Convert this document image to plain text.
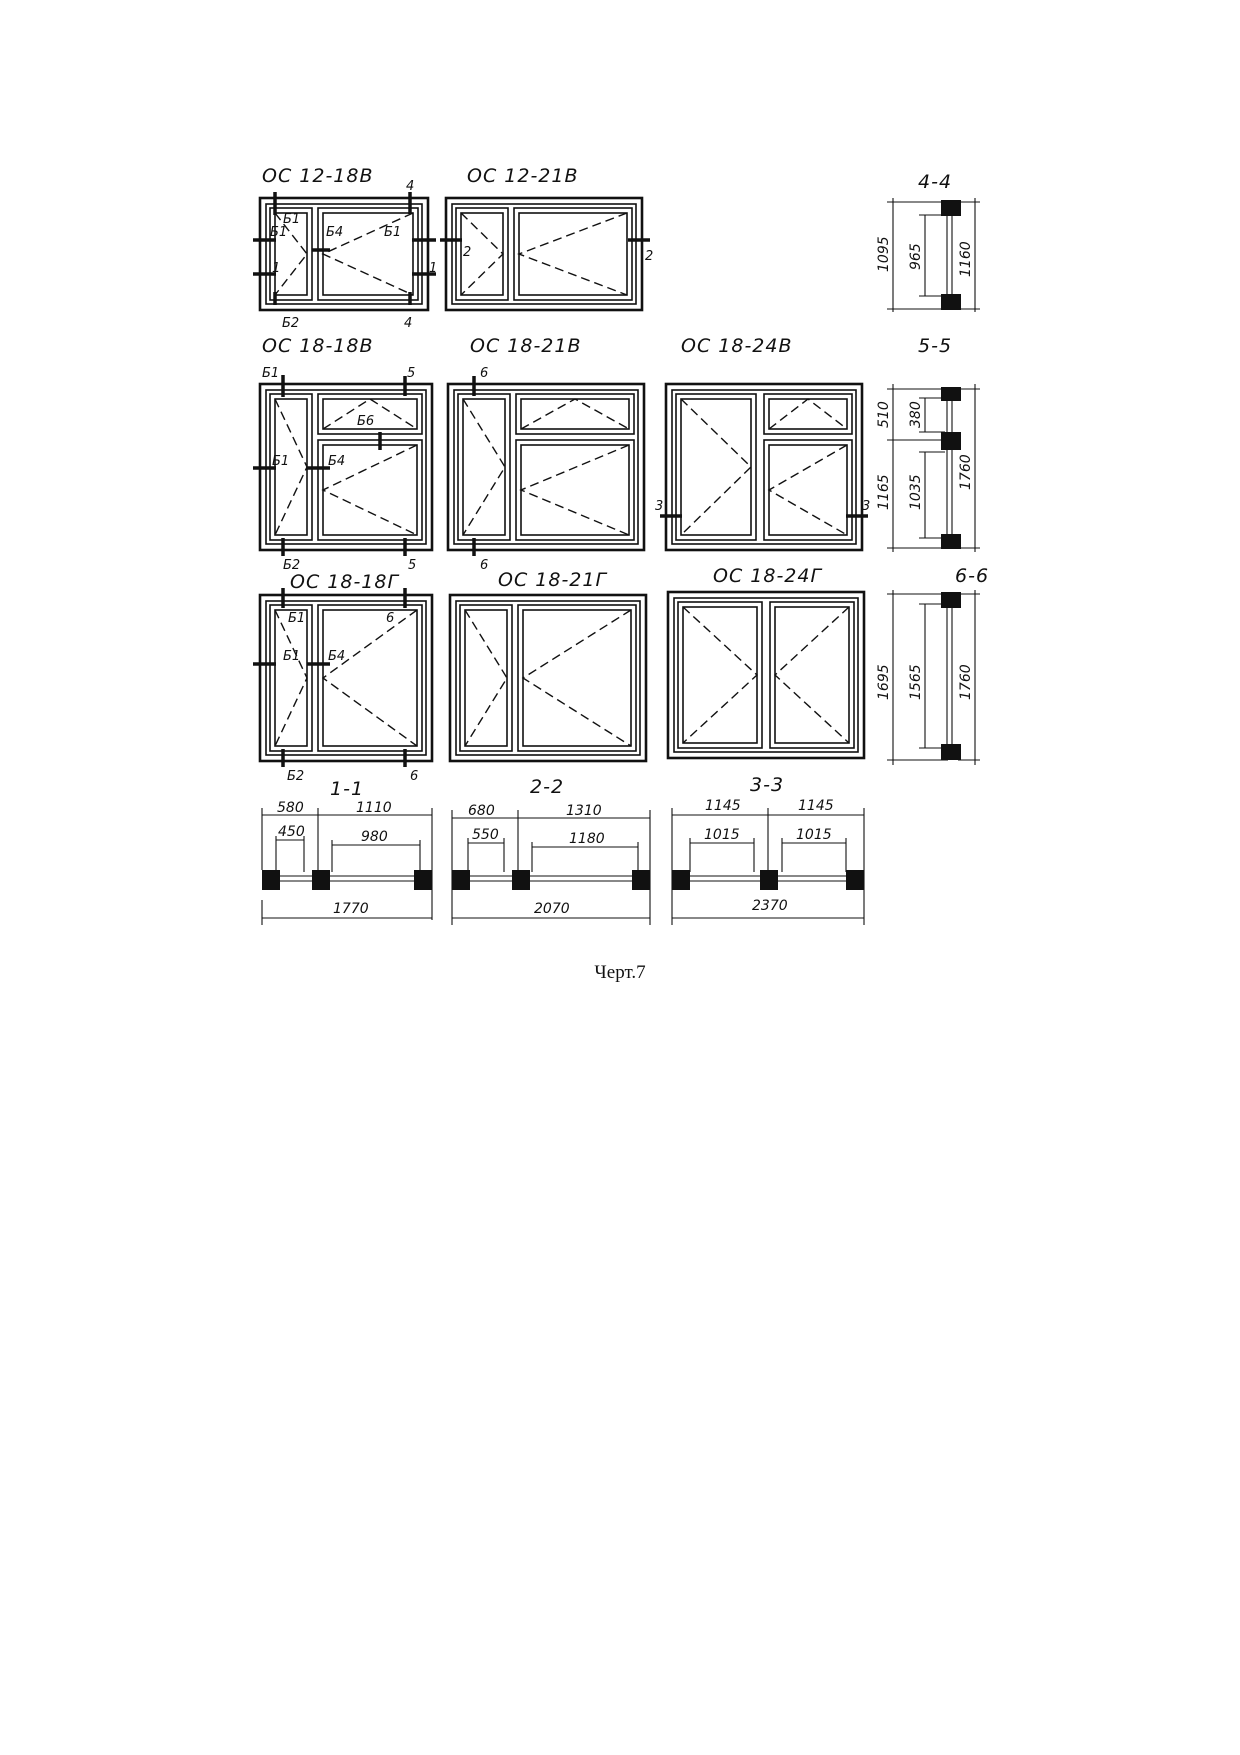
ОС 12-18В
Б1
Б1	Б4	Б1
1	1
4
4
Б2
ОС 12-21В
2	2
4-4
1095 965 1160
ОС 18-18В
Б1	5
Б6
Б1	Б4
Б2	5
ОС 18-21В
6
6
ОС 18-24В
3	3
5-5
510 380
1165 1035
1760
ОС 18-18Г
Б1	6
Б1 Б4
Б2	6
ОС 18-21Г	ОС 18-24Г	6-6
1695 1565 1760
1-1
580	1110
450	980
1770
2-2
680	1310
550	1180
2070
3-3
1145	1145
1015	1015
2370
Черт.7
